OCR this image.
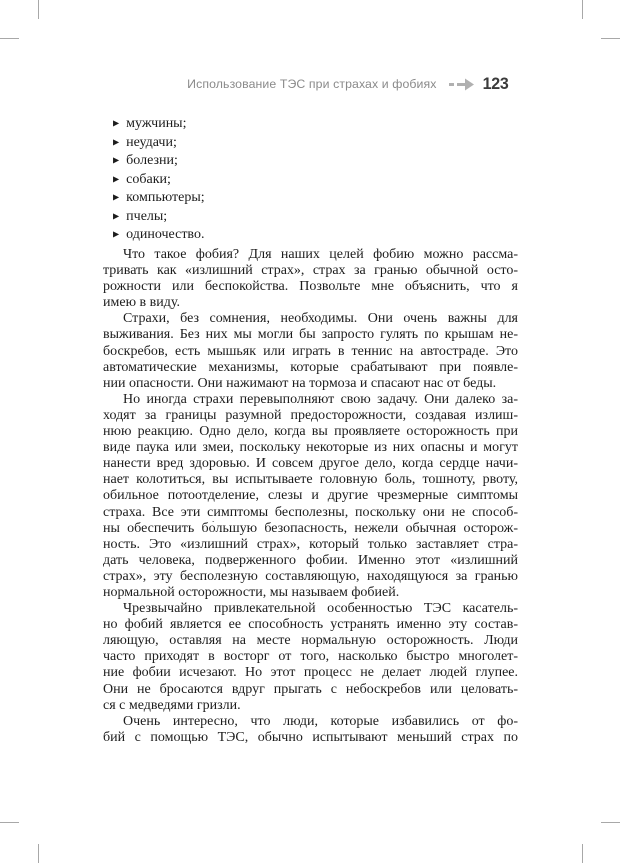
Использование ТЭС при страхах и фобиях	123
▶ мужчины;
▶ неудачи;
▶ болезни;
▶ собаки;
▶ компьютеры;
▶ пчелы;
▶ одиночество.
Что такое фобия? Для наших целей фобию можно рассма-
тривать как «излишний страх», страх за гранью обычной осто-
рожности или беспокойства. Позвольте мне объяснить, что я
имею в виду.
Страхи, без сомнения, необходимы. Они очень важны для
выживания. Без них мы могли бы запросто гулять по крышам не-
боскребов, есть мышьяк или играть в теннис на автостраде. Это
автоматические механизмы, которые срабатывают при появле-
нии опасности. Они нажимают на тормоза и спасают нас от беды.
Но иногда страхи перевыполняют свою задачу. Они далеко за-
ходят за границы разумной предосторожности, создавая излиш-
нюю реакцию. Одно дело, когда вы проявляете осторожность при
виде паука или змеи, поскольку некоторые из них опасны и могут
нанести вред здоровью. И совсем другое дело, когда сердце начи-
нает колотиться, вы испытываете головную боль, тошноту, рвоту,
обильное потоотделение, слезы и другие чрезмерные симптомы
страха. Все эти симптомы бесполезны, поскольку они не способ-
ны обеспечить бо́льшую безопасность, нежели обычная осторож-
ность. Это «излишний страх», который только заставляет стра-
дать человека, подверженного фобии. Именно этот «излишний
страх», эту бесполезную составляющую, находящуюся за гранью
нормальной осторожности, мы называем фобией.
Чрезвычайно привлекательной особенностью ТЭС касатель-
но фобий является ее способность устранять именно эту состав-
ляющую, оставляя на месте нормальную осторожность. Люди
часто приходят в восторг от того, насколько быстро многолет-
ние фобии исчезают. Но этот процесс не делает людей глупее.
Они не бросаются вдруг прыгать с небоскребов или целовать-
ся с медведями гризли.
Очень интересно, что люди, которые избавились от фо-
бий с помощью ТЭС, обычно испытывают меньший страх по
